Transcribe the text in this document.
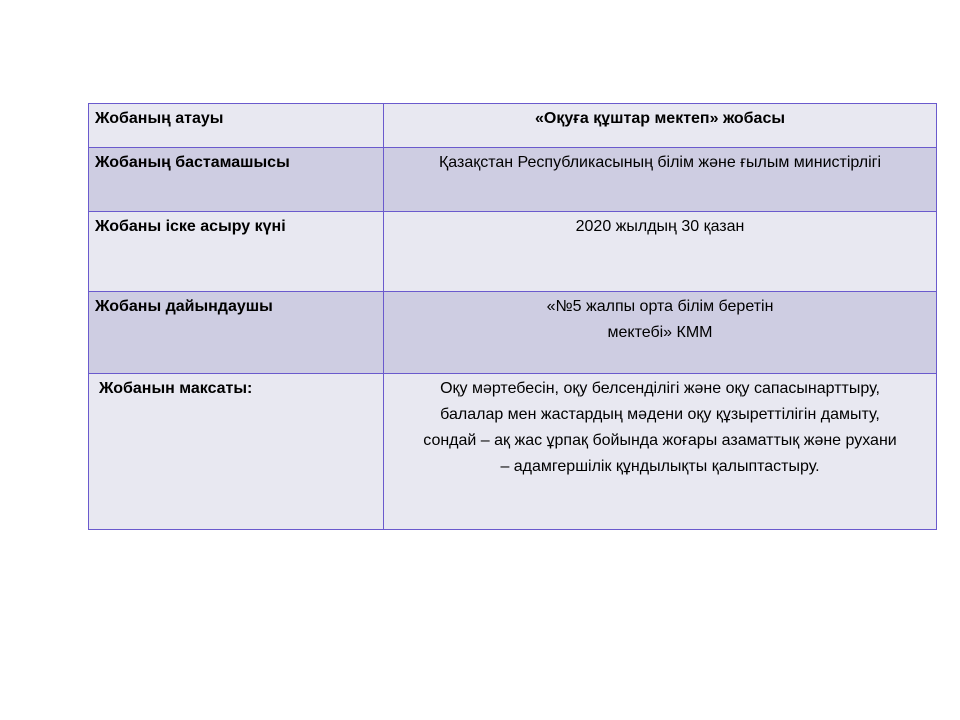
Жобаның атауы	«Оқуға құштар мектеп» жобасы

Жобаның бастамашысы	Қазақстан Республикасының білім және ғылым министірлігі

Жобаны іске асыру күні	2020 жылдың 30 қазан

Жобаны дайындаушы	«№5 жалпы орта білім беретін
мектебі» КММ

Жобанын максаты:	Оқу мәртебесін, оқу белсенділігі және оқу сапасынарттыру,
балалар мен жастардың мәдени оқу құзыреттілігін дамыту,
сондай – ақ жас ұрпақ бойында жоғары азаматтық және рухани
– адамгершілік құндылықты қалыптастыру.
